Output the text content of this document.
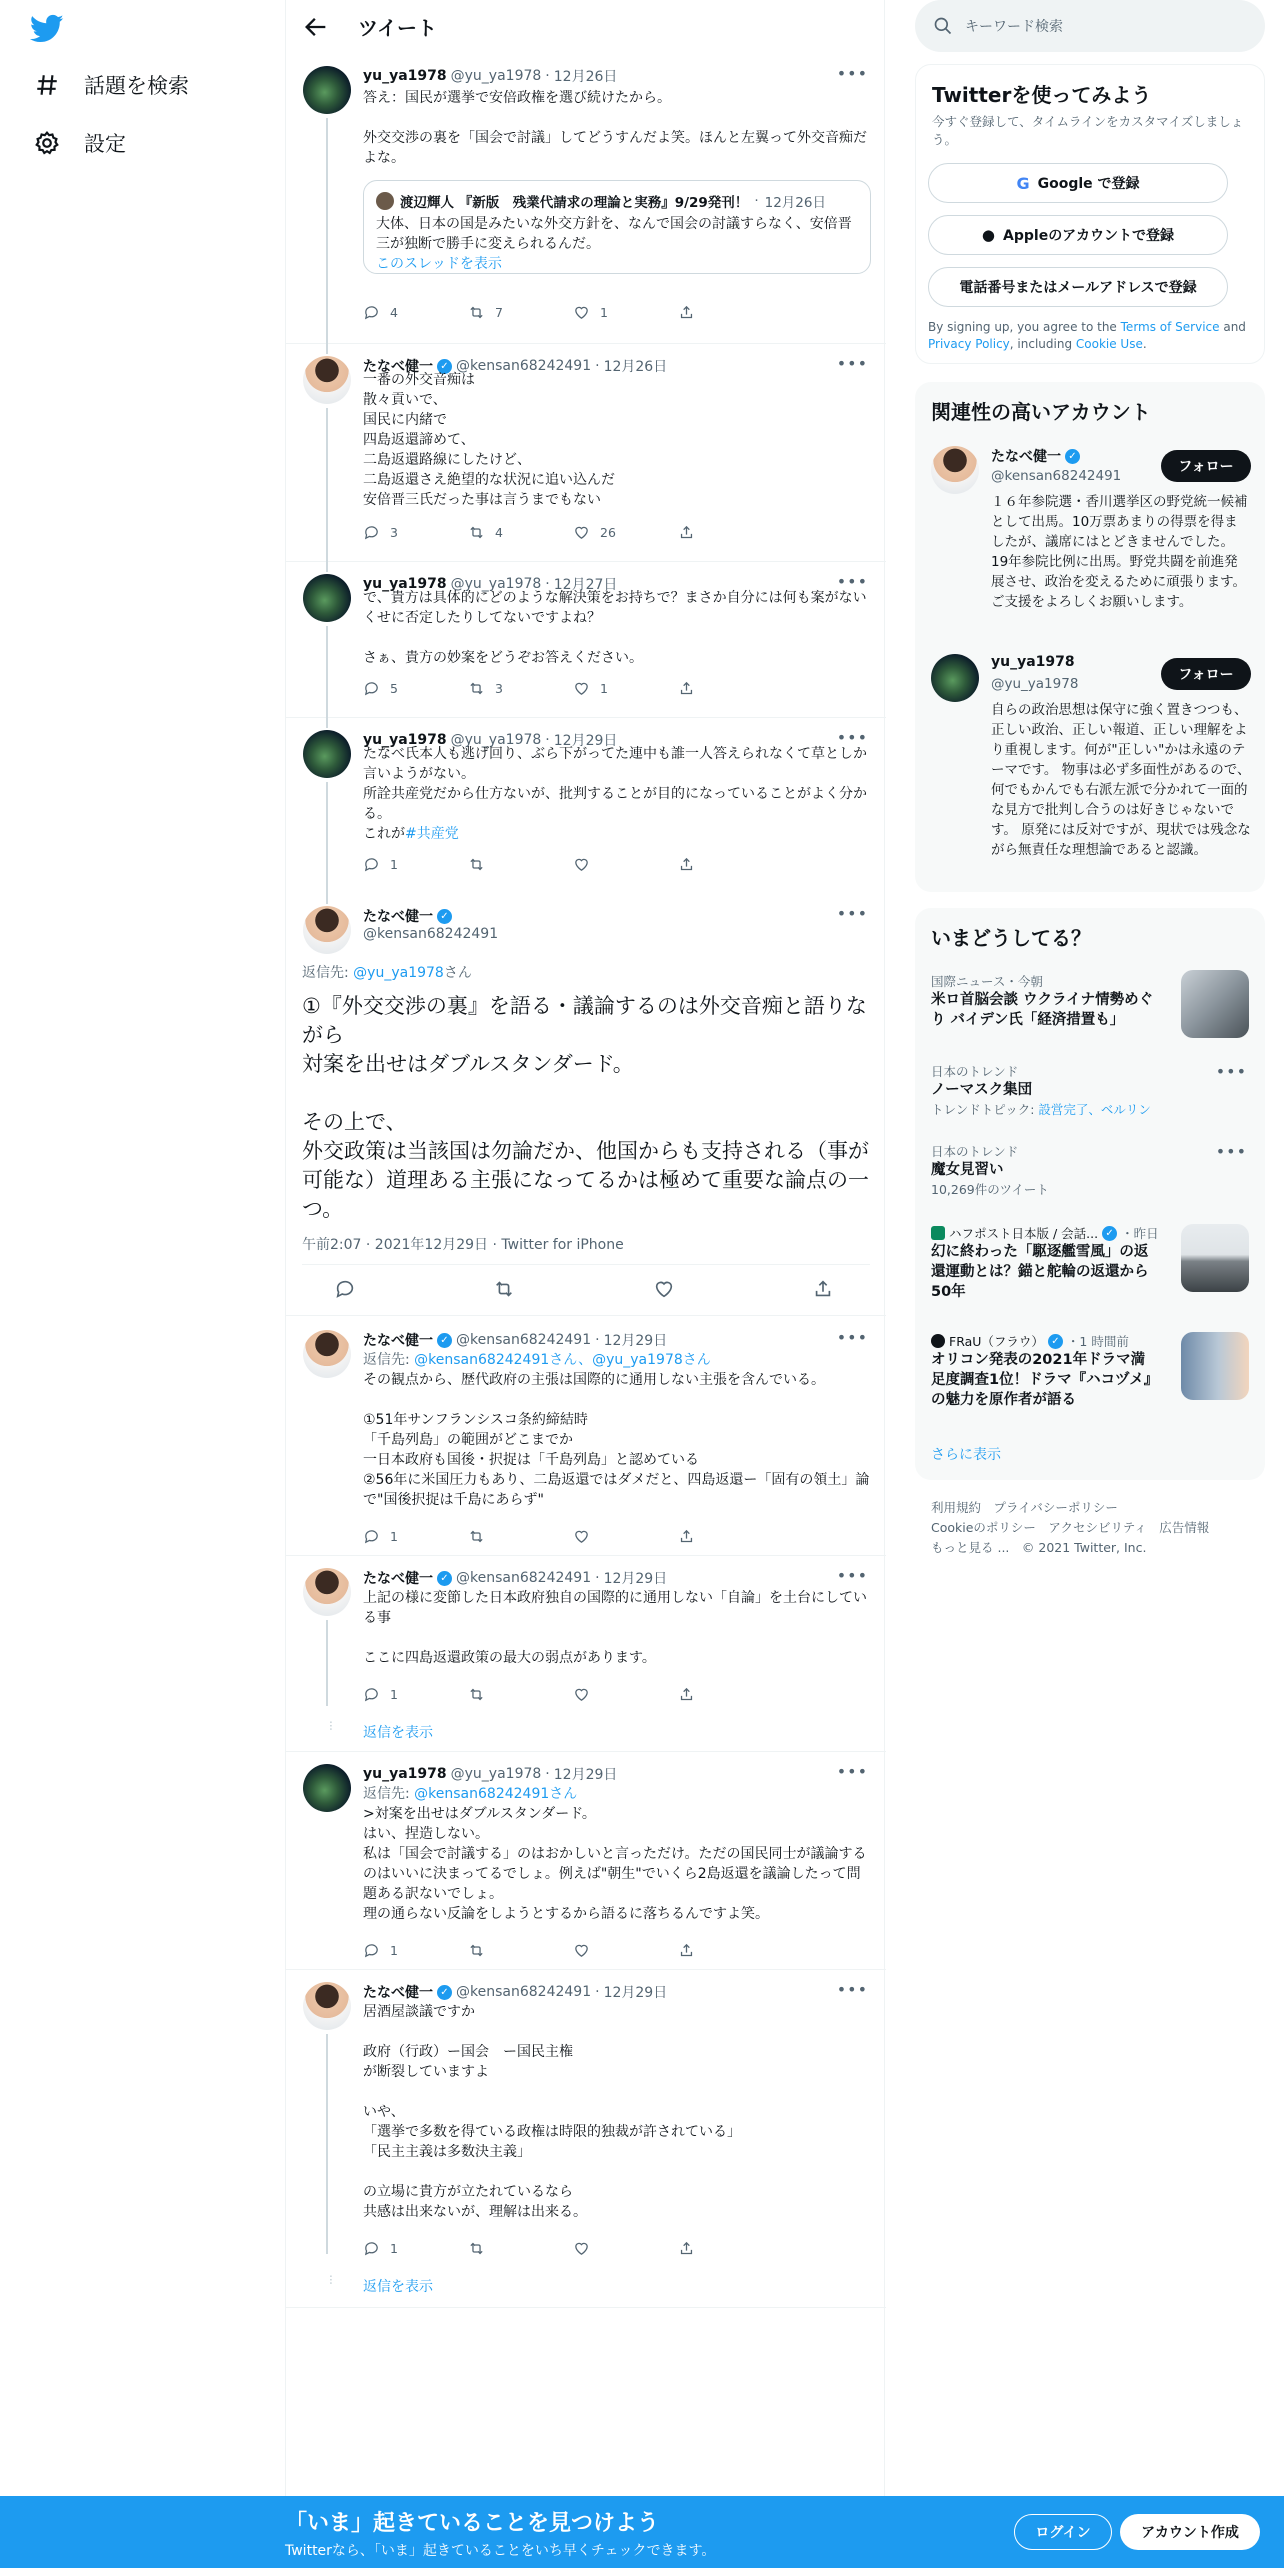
話題を検索
設定
ツイート
yu_ya1978 @yu_ya1978 · 12月26日	•••
答え：国民が選挙で安倍政権を選び続けたから。

外交交渉の裏を「国会で討議」してどうすんだよ笑。ほんと左翼って外交音痴だよな。
渡辺輝人 『新版　残業代請求の理論と実務』9/29発刊！ · 12月26日
大体、日本の国是みたいな外交方針を、なんで国会の討議すらなく、安倍晋三が独断で勝手に変えられるんだ。
このスレッドを表示
4	7	1
たなべ健一 ✓ @kensan68242491 · 12月26日	•••
一番の外交音痴は
散々貢いで、
国民に内緒で
四島返還諦めて、
二島返還路線にしたけど、
二島返還さえ絶望的な状況に追い込んだ
安倍晋三氏だった事は言うまでもない
3	4	26
yu_ya1978 @yu_ya1978 · 12月27日	•••
で、貴方は具体的にどのような解決策をお持ちで？まさか自分には何も案がないくせに否定したりしてないですよね？

さぁ、貴方の妙案をどうぞお答えください。
5	3	1
yu_ya1978 @yu_ya1978 · 12月29日	•••
たなべ氏本人も逃げ回り、ぶら下がってた連中も誰一人答えられなくて草としか言いようがない。
所詮共産党だから仕方ないが、批判することが目的になっていることがよく分かる。
これが#共産党
1
たなべ健一 ✓
@kensan68242491
•••
返信先: @yu_ya1978さん
①『外交交渉の裏』を語る・議論するのは外交音痴と語りながら
対案を出せはダブルスタンダード。

その上で、
外交政策は当該国は勿論だか、他国からも支持される（事が可能な）道理ある主張になってるかは極めて重要な論点の一つ。
午前2:07 · 2021年12月29日 · Twitter for iPhone
たなべ健一 ✓ @kensan68242491 · 12月29日	•••
返信先: @kensan68242491さん、@yu_ya1978さん
その観点から、歴代政府の主張は国際的に通用しない主張を含んでいる。

①51年サンフランシスコ条約締結時
「千島列島」の範囲がどこまでか
一日本政府も国後・択捉は「千島列島」と認めている
②56年に米国圧力もあり、二島返還ではダメだと、四島返還ー「固有の領土」論で"国後択捉は千島にあらず"
1
たなべ健一 ✓ @kensan68242491 · 12月29日	•••
上記の様に変節した日本政府独自の国際的に通用しない「自論」を土台にしている事

ここに四島返還政策の最大の弱点があります。
1
··· 返信を表示
yu_ya1978 @yu_ya1978 · 12月29日	•••
返信先: @kensan68242491さん
>対案を出せはダブルスタンダード。
はい、捏造しない。
私は「国会で討議する」のはおかしいと言っただけ。ただの国民同士が議論するのはいいに決まってるでしょ。例えば"朝生"でいくら2島返還を議論したって問題ある訳ないでしょ。
理の通らない反論をしようとするから語るに落ちるんですよ笑。
1
たなべ健一 ✓ @kensan68242491 · 12月29日	•••
居酒屋談議ですか

政府（行政）ー国会　ー国民主権
が断裂していますよ

いや、
「選挙で多数を得ている政権は時限的独裁が許されている」
「民主主義は多数決主義」

の立場に貴方が立たれているなら
共感は出来ないが、理解は出来る。
1
··· 返信を表示
キーワード検索
Twitterを使ってみよう
今すぐ登録して、タイムラインをカスタマイズしましょう。
G Google で登録
● Appleのアカウントで登録
電話番号またはメールアドレスで登録
By signing up, you agree to the Terms of Service and Privacy Policy, including Cookie Use.
関連性の高いアカウント
たなべ健一 ✓
@kensan68242491
フォロー
１６年参院選・香川選挙区の野党統一候補として出馬。10万票あまりの得票を得ましたが、議席にはとどきませんでした。19年参院比例に出馬。野党共闘を前進発展させ、政治を変えるために頑張ります。ご支援をよろしくお願いします。
yu_ya1978
@yu_ya1978
フォロー
自らの政治思想は保守に強く置きつつも、正しい政治、正しい報道、正しい理解をより重視します。何が"正しい"かは永遠のテーマです。 物事は必ず多面性があるので、何でもかんでも右派左派で分かれて一面的な見方で批判し合うのは好きじゃないです。 原発には反対ですが、現状では残念ながら無責任な理想論であると認識。
いまどうしてる？
国際ニュース・今朝
米ロ首脳会談 ウクライナ情勢めぐり バイデン氏「経済措置も」
日本のトレンド
ノーマスク集団
トレンドトピック: 設営完了、ベルリン
•••
日本のトレンド
魔女見習い
10,269件のツイート
•••
ハフポスト日本版 / 会話... ✓ ・昨日
幻に終わった「駆逐艦雪風」の返還運動とは？錨と舵輪の返還から50年
FRaU（フラウ） ✓ ・1 時間前
オリコン発表の2021年ドラマ満足度調査1位！ドラマ『ハコヅメ』の魅力を原作者が語る
さらに表示
利用規約　プライバシーポリシー
Cookieのポリシー　アクセシビリティ　広告情報
もっと見る ...　© 2021 Twitter, Inc.
「いま」起きていることを見つけよう
Twitterなら、「いま」起きていることをいち早くチェックできます。
ログイン	アカウント作成
